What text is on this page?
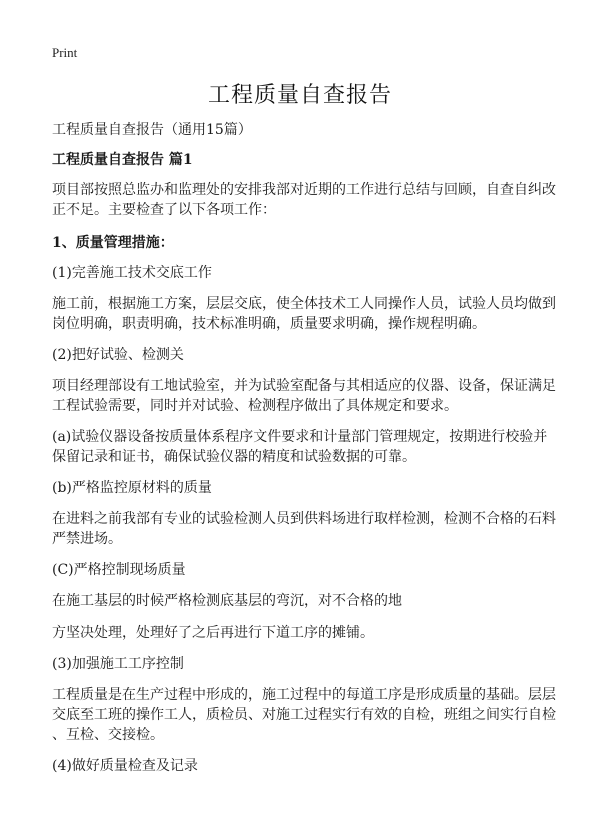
Print
工程质量自查报告
工程质量自查报告（通用15篇）
工程质量自查报告 篇1
项目部按照总监办和监理处的安排我部对近期的工作进行总结与回顾，自查自纠改
正不足。主要检查了以下各项工作：
1、质量管理措施：
(1)完善施工技术交底工作
施工前，根据施工方案，层层交底，使全体技术工人同操作人员，试验人员均做到
岗位明确，职责明确，技术标准明确，质量要求明确，操作规程明确。
(2)把好试验、检测关
项目经理部设有工地试验室，并为试验室配备与其相适应的仪器、设备，保证满足
工程试验需要，同时并对试验、检测程序做出了具体规定和要求。
(a)试验仪器设备按质量体系程序文件要求和计量部门管理规定，按期进行校验并
保留记录和证书，确保试验仪器的精度和试验数据的可靠。
(b)严格监控原材料的质量
在进料之前我部有专业的试验检测人员到供料场进行取样检测，检测不合格的石料
严禁进场。
(C)严格控制现场质量
在施工基层的时候严格检测底基层的弯沉，对不合格的地
方坚决处理，处理好了之后再进行下道工序的摊铺。
(3)加强施工工序控制
工程质量是在生产过程中形成的，施工过程中的每道工序是形成质量的基础。层层
交底至工班的操作工人，质检员、对施工过程实行有效的自检，班组之间实行自检
、互检、交接检。
(4)做好质量检查及记录
